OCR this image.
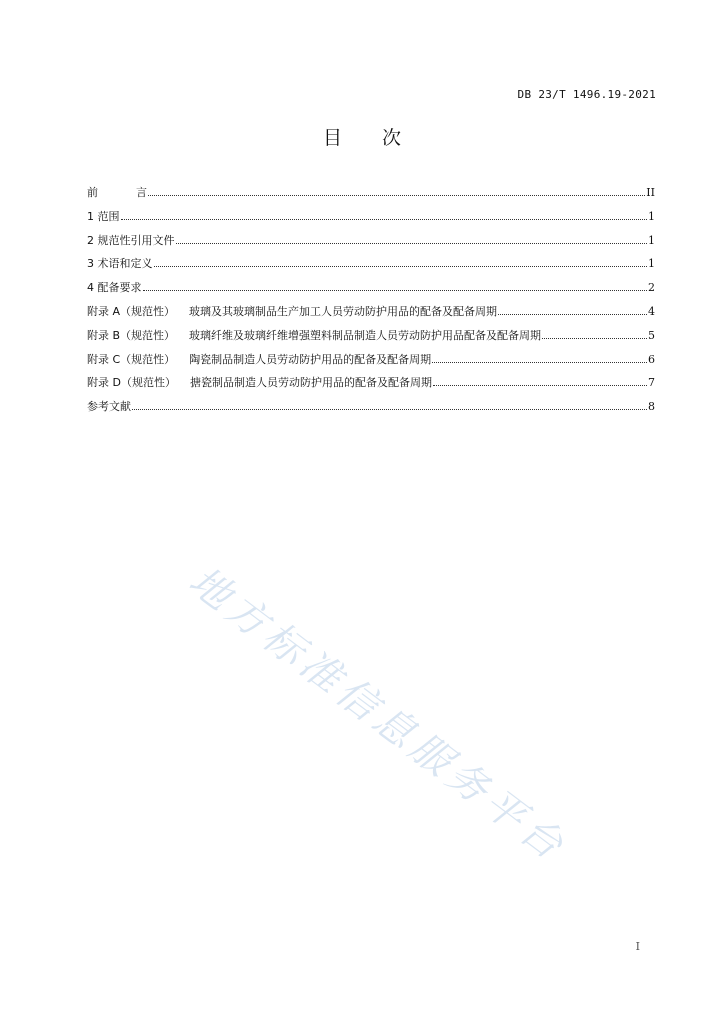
DB 23/T 1496.19-2021
目 次
前	言	II
1 范围	1
2 规范性引用文件	1
3 术语和定义	1
4 配备要求	2
附录 A（规范性） 玻璃及其玻璃制品生产加工人员劳动防护用品的配备及配备周期	4
附录 B（规范性） 玻璃纤维及玻璃纤维增强塑料制品制造人员劳动防护用品配备及配备周期	5
附录 C（规范性） 陶瓷制品制造人员劳动防护用品的配备及配备周期	6
附录 D（规范性） 搪瓷制品制造人员劳动防护用品的配备及配备周期	7
参考文献	8
地方标准信息服务平台
I
